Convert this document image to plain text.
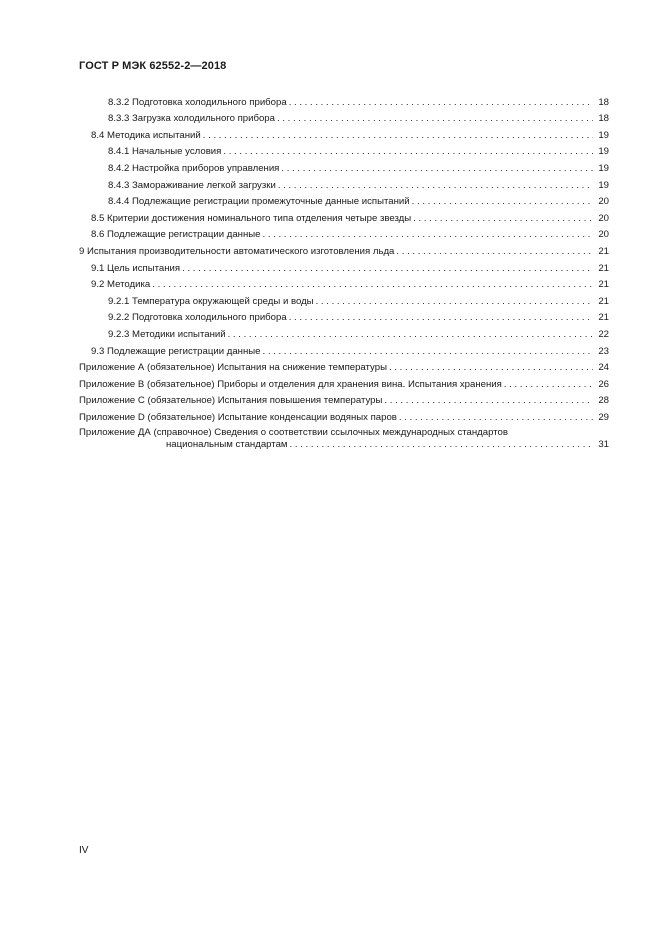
ГОСТ Р МЭК 62552-2—2018
8.3.2 Подготовка холодильного прибора . . .	18
8.3.3 Загрузка холодильного прибора . . .	18
8.4 Методика испытаний . . .	19
8.4.1 Начальные условия . . .	19
8.4.2 Настройка приборов управления . . .	19
8.4.3 Замораживание легкой загрузки . . .	19
8.4.4 Подлежащие регистрации промежуточные данные испытаний . . .	20
8.5 Критерии достижения номинального типа отделения четыре звезды . . .	20
8.6 Подлежащие регистрации данные . . .	20
9 Испытания производительности автоматического изготовления льда . . .	21
9.1 Цель испытания . . .	21
9.2 Методика . . .	21
9.2.1 Температура окружающей среды и воды . . .	21
9.2.2 Подготовка холодильного прибора . . .	21
9.2.3 Методики испытаний . . .	22
9.3 Подлежащие регистрации данные . . .	23
Приложение А (обязательное) Испытания на снижение температуры . . .	24
Приложение В (обязательное) Приборы и отделения для хранения вина. Испытания хранения . . .	26
Приложение С (обязательное) Испытания повышения температуры . . .	28
Приложение D (обязательное) Испытание конденсации водяных паров . . .	29
Приложение ДА (справочное) Сведения о соответствии ссылочных международных стандартов
национальным стандартам . . .	31
IV
